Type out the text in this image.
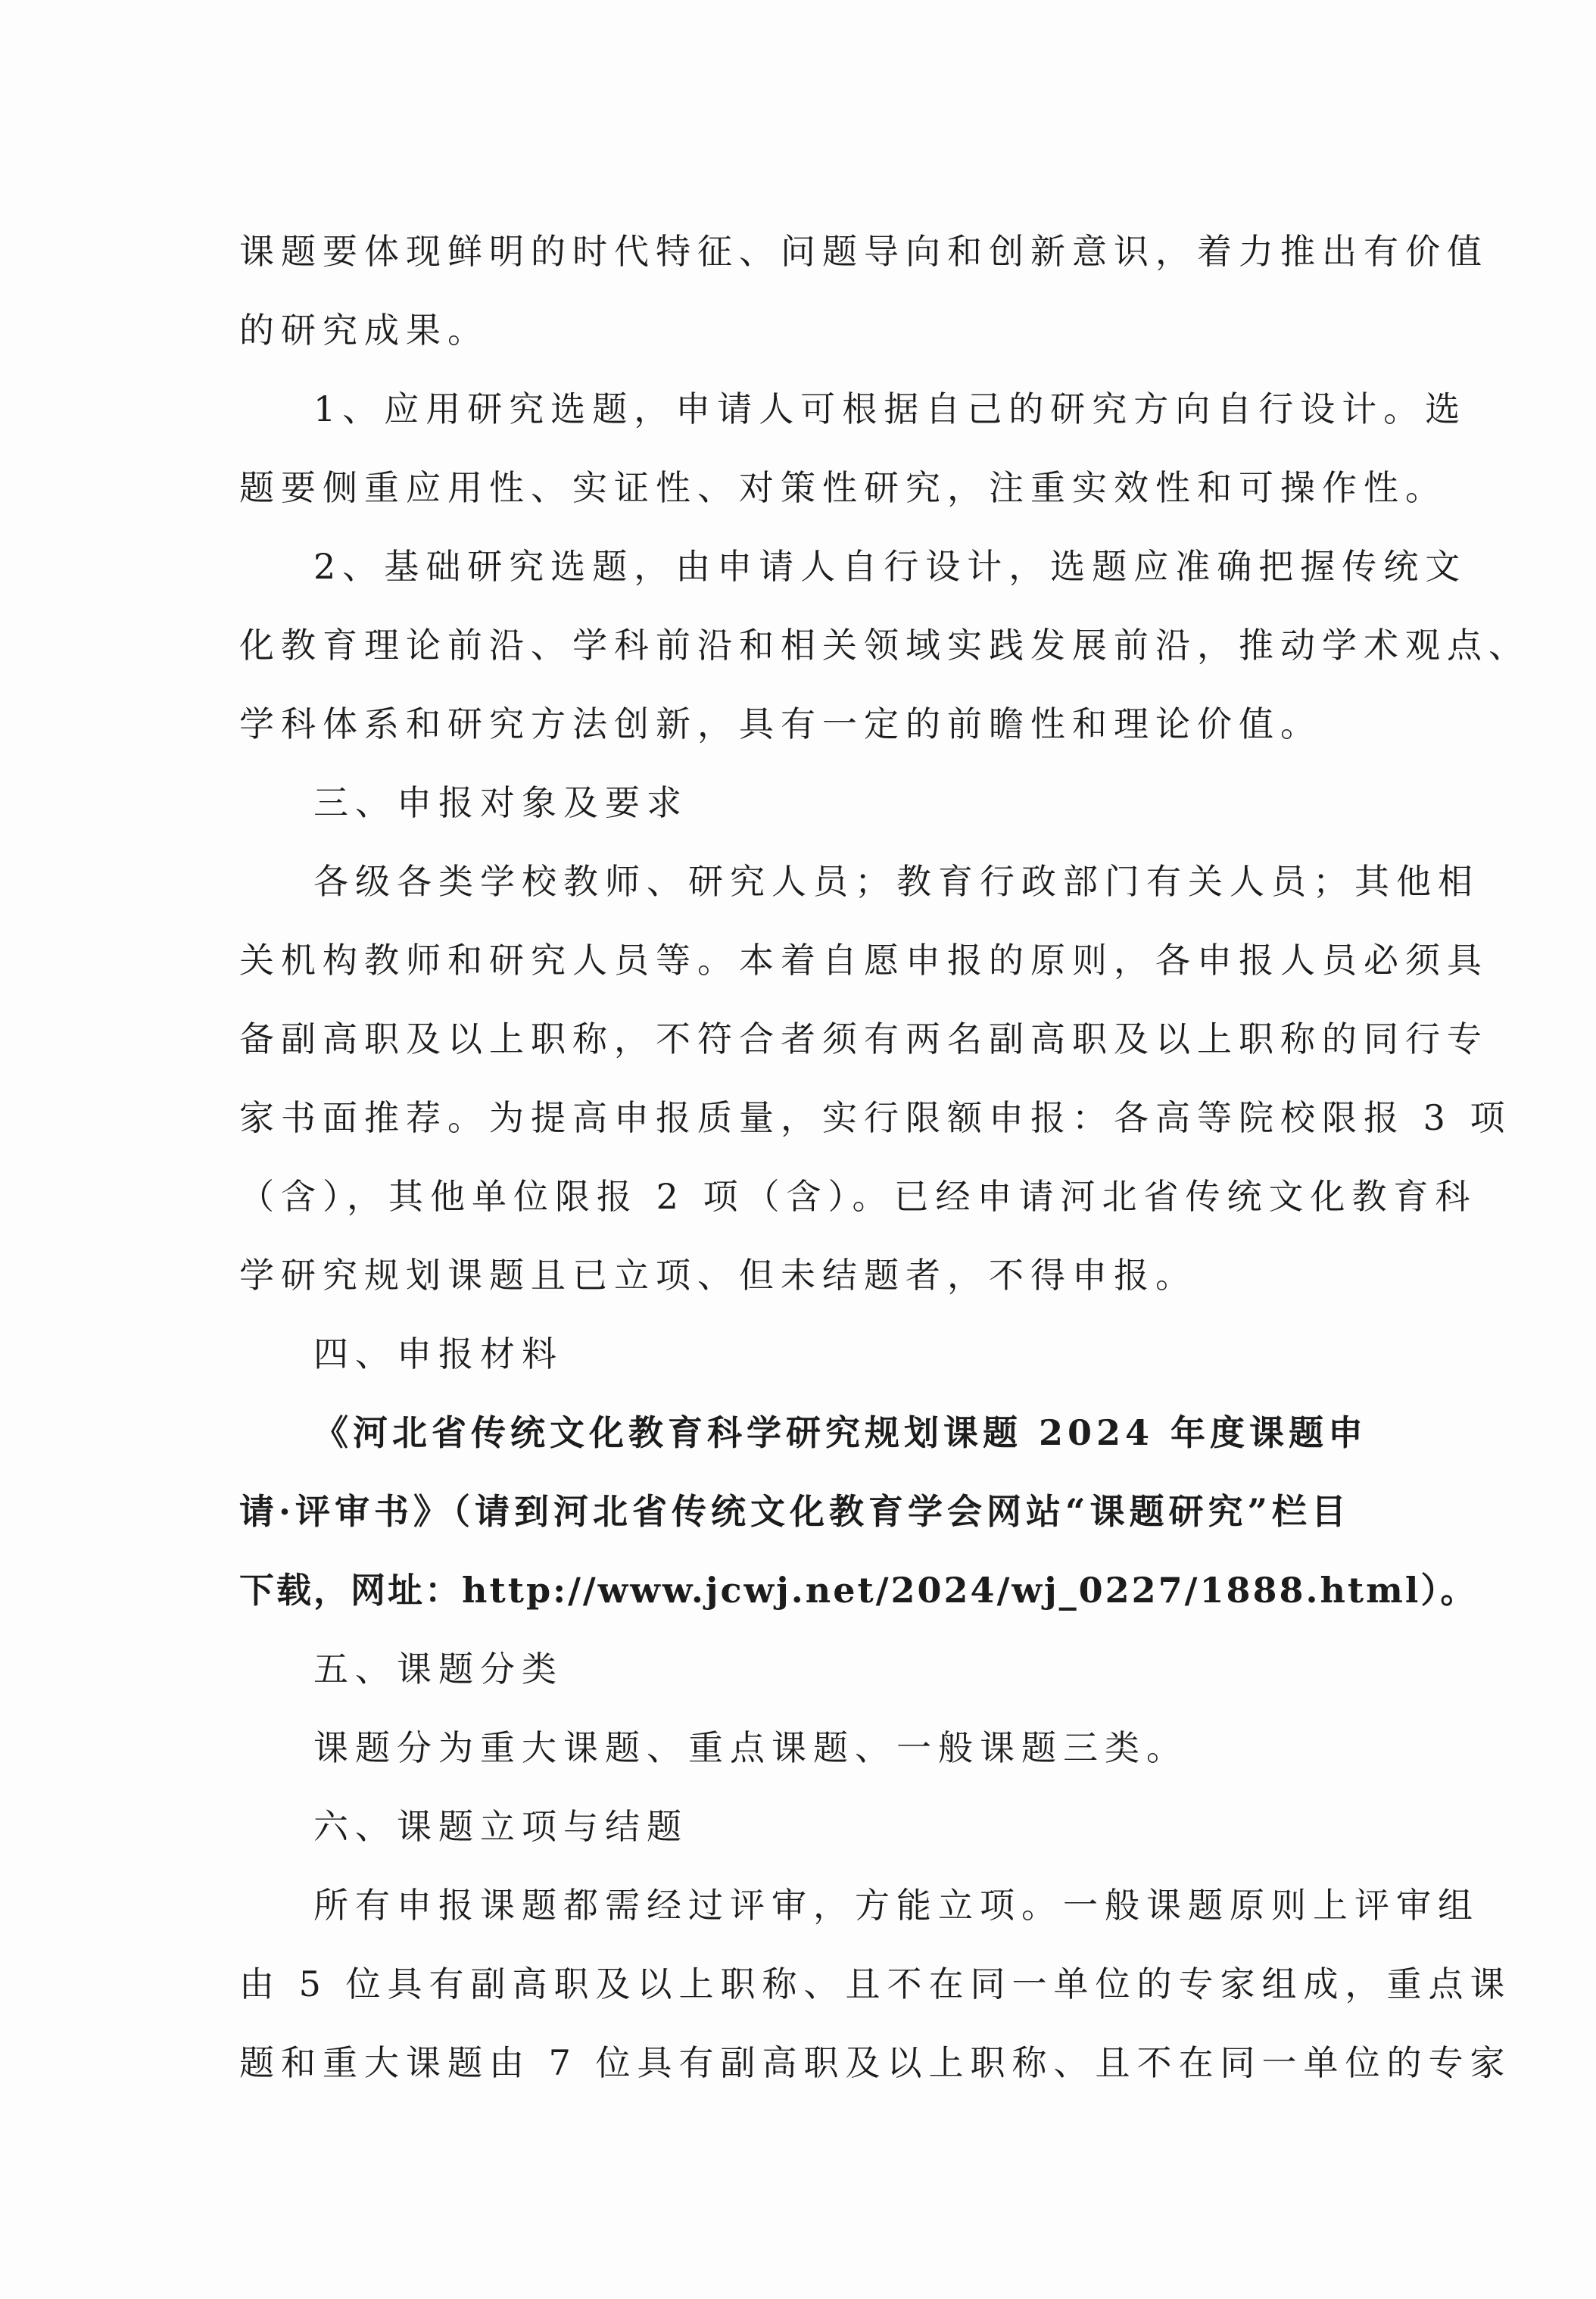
课题要体现鲜明的时代特征、问题导向和创新意识，着力推出有价值

的研究成果。

1、应用研究选题，申请人可根据自己的研究方向自行设计。选

题要侧重应用性、实证性、对策性研究，注重实效性和可操作性。

2、基础研究选题，由申请人自行设计，选题应准确把握传统文

化教育理论前沿、学科前沿和相关领域实践发展前沿，推动学术观点、

学科体系和研究方法创新，具有一定的前瞻性和理论价值。

三、申报对象及要求

各级各类学校教师、研究人员；教育行政部门有关人员；其他相

关机构教师和研究人员等。本着自愿申报的原则，各申报人员必须具

备副高职及以上职称，不符合者须有两名副高职及以上职称的同行专

家书面推荐。为提高申报质量，实行限额申报：各高等院校限报 3 项

（含），其他单位限报 2 项（含）。已经申请河北省传统文化教育科

学研究规划课题且已立项、但未结题者，不得申报。

四、申报材料

《河北省传统文化教育科学研究规划课题 2024 年度课题申

请·评审书》（请到河北省传统文化教育学会网站“课题研究”栏目

下载，网址：http://www.jcwj.net/2024/wj_0227/1888.html）。

五、课题分类

课题分为重大课题、重点课题、一般课题三类。

六、课题立项与结题

所有申报课题都需经过评审，方能立项。一般课题原则上评审组

由 5 位具有副高职及以上职称、且不在同一单位的专家组成，重点课

题和重大课题由 7 位具有副高职及以上职称、且不在同一单位的专家
